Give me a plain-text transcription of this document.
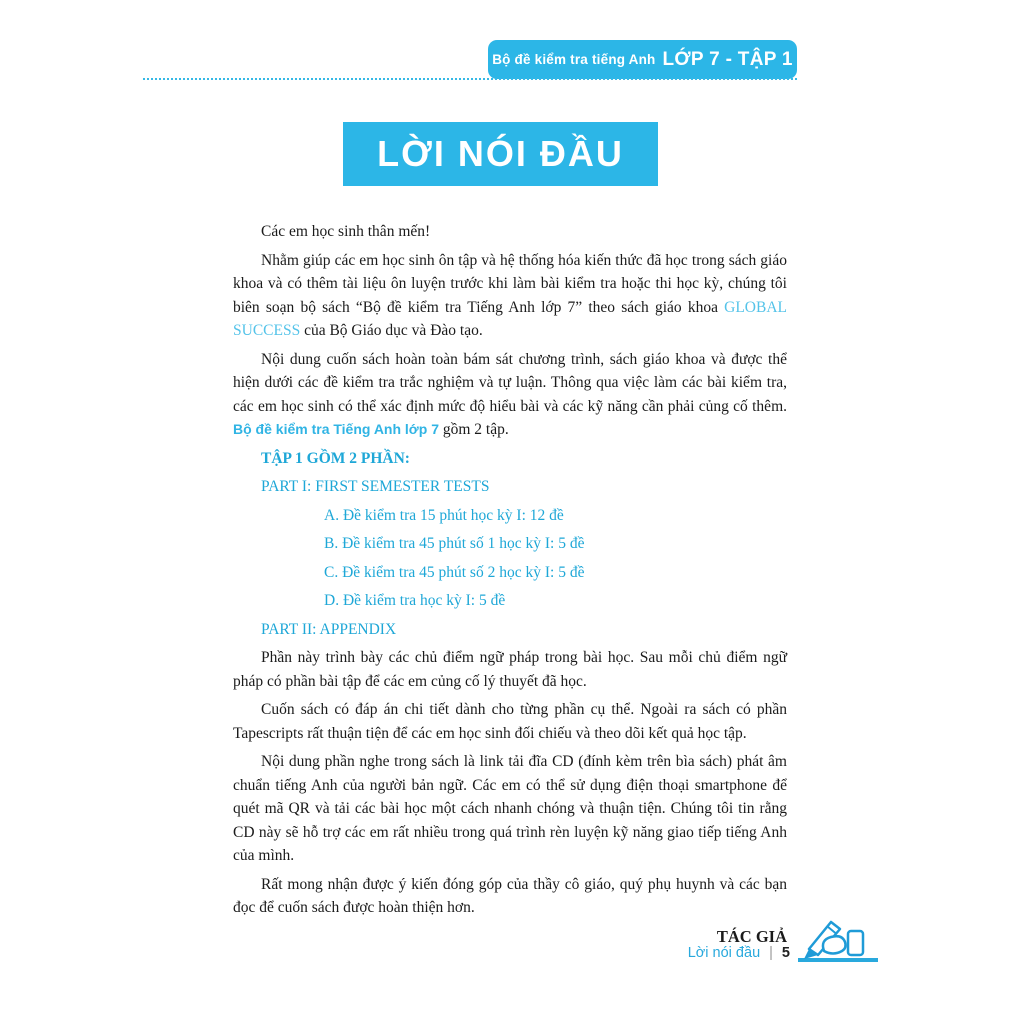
Bộ đề kiểm tra tiếng Anh LỚP 7 - TẬP 1
LỜI NÓI ĐẦU

Các em học sinh thân mến!

Nhằm giúp các em học sinh ôn tập và hệ thống hóa kiến thức đã học trong sách giáo khoa và có thêm tài liệu ôn luyện trước khi làm bài kiểm tra hoặc thi học kỳ, chúng tôi biên soạn bộ sách “Bộ đề kiểm tra Tiếng Anh lớp 7” theo sách giáo khoa GLOBAL SUCCESS của Bộ Giáo dục và Đào tạo.

Nội dung cuốn sách hoàn toàn bám sát chương trình, sách giáo khoa và được thể hiện dưới các đề kiểm tra trắc nghiệm và tự luận. Thông qua việc làm các bài kiểm tra, các em học sinh có thể xác định mức độ hiểu bài và các kỹ năng cần phải củng cố thêm. Bộ đề kiểm tra Tiếng Anh lớp 7 gồm 2 tập.

TẬP 1 GỒM 2 PHẦN:

PART I: FIRST SEMESTER TESTS

A. Đề kiểm tra 15 phút học kỳ I: 12 đề

B. Đề kiểm tra 45 phút số 1 học kỳ I: 5 đề

C. Đề kiểm tra 45 phút số 2 học kỳ I: 5 đề

D. Đề kiểm tra học kỳ I: 5 đề

PART II: APPENDIX

Phần này trình bày các chủ điểm ngữ pháp trong bài học. Sau mỗi chủ điểm ngữ pháp có phần bài tập để các em củng cố lý thuyết đã học.

Cuốn sách có đáp án chi tiết dành cho từng phần cụ thể. Ngoài ra sách có phần Tapescripts rất thuận tiện để các em học sinh đối chiếu và theo dõi kết quả học tập.

Nội dung phần nghe trong sách là link tải đĩa CD (đính kèm trên bìa sách) phát âm chuẩn tiếng Anh của người bản ngữ. Các em có thể sử dụng điện thoại smartphone để quét mã QR và tải các bài học một cách nhanh chóng và thuận tiện. Chúng tôi tin rằng CD này sẽ hỗ trợ các em rất nhiều trong quá trình rèn luyện kỹ năng giao tiếp tiếng Anh của mình.

Rất mong nhận được ý kiến đóng góp của thầy cô giáo, quý phụ huynh và các bạn đọc để cuốn sách được hoàn thiện hơn.

TÁC GIẢ

Lời nói đầu | 5
